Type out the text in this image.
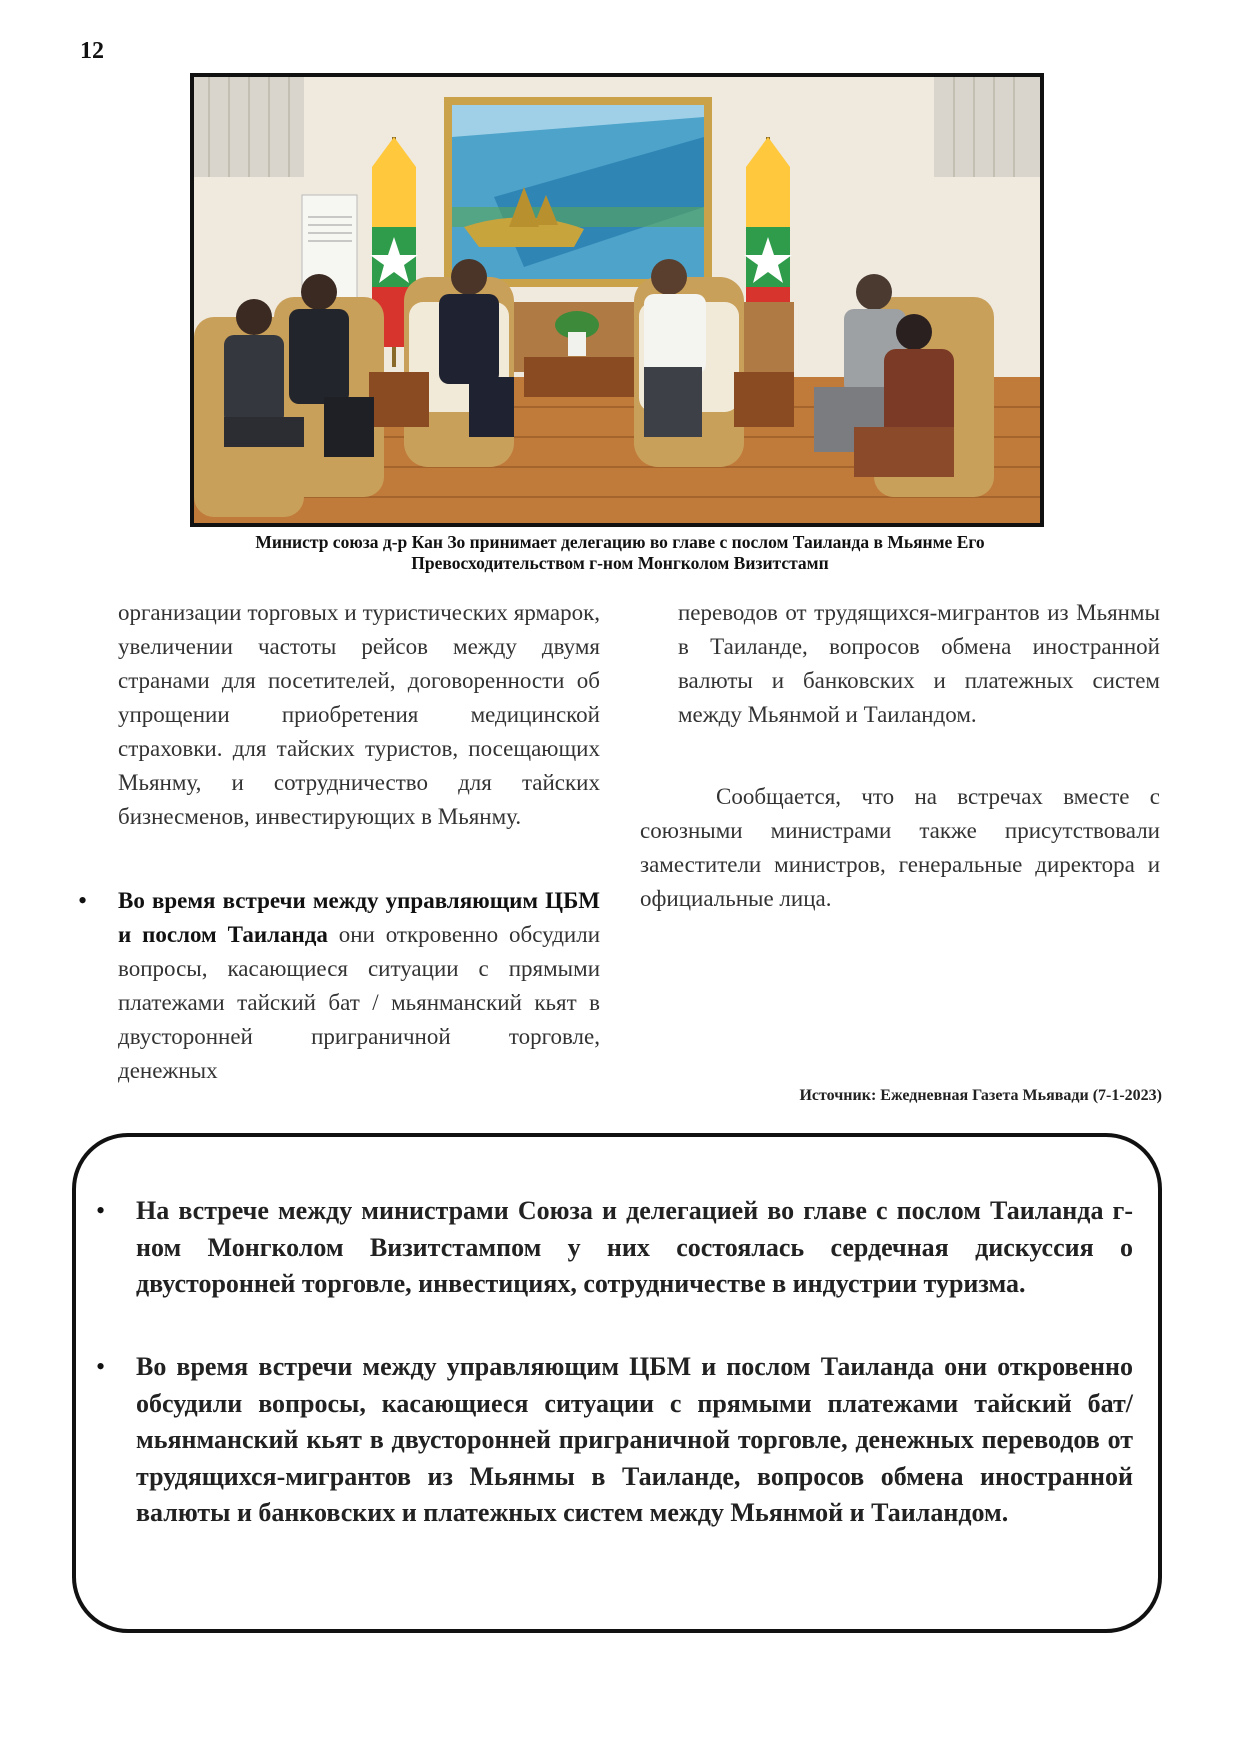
12
Министр союза д-р Кан Зо принимает делегацию во главе с послом Таиланда в Мьянме Его Превосходительством г-ном Монгколом Визитстамп

организации торговых и туристических ярмарок, увеличении частоты рейсов между двумя странами для посетителей, договоренности об упрощении приобретения медицинской страховки. для тайских туристов, посещающих Мьянму, и сотрудничество для тайских бизнесменов, инвестирующих в Мьянму.

• Во время встречи между управляющим ЦБМ и послом Таиланда они откровенно обсудили вопросы, касающиеся ситуации с прямыми платежами тайский бат / мьянманский кьят в двусторонней приграничной торговле, денежных

переводов от трудящихся-мигрантов из Мьянмы в Таиланде, вопросов обмена иностранной валюты и банковских и платежных систем между Мьянмой и Таиландом.

Сообщается, что на встречах вместе с союзными министрами также присутствовали заместители министров, генеральные директора и официальные лица.

Источник: Ежедневная Газета Мьявади (7-1-2023)
• На встрече между министрами Союза и делегацией во главе с послом Таиланда г-ном Монгколом Визитстампом у них состоялась сердечная дискуссия о двусторонней торговле, инвестициях, сотрудничестве в индустрии туризма.

• Во время встречи между управляющим ЦБМ и послом Таиланда они откровенно обсудили вопросы, касающиеся ситуации с прямыми платежами тайский бат/ мьянманский кьят в двусторонней приграничной торговле, денежных переводов от трудящихся-мигрантов из Мьянмы в Таиланде, вопросов обмена иностранной валюты и банковских и платежных систем между Мьянмой и Таиландом.
